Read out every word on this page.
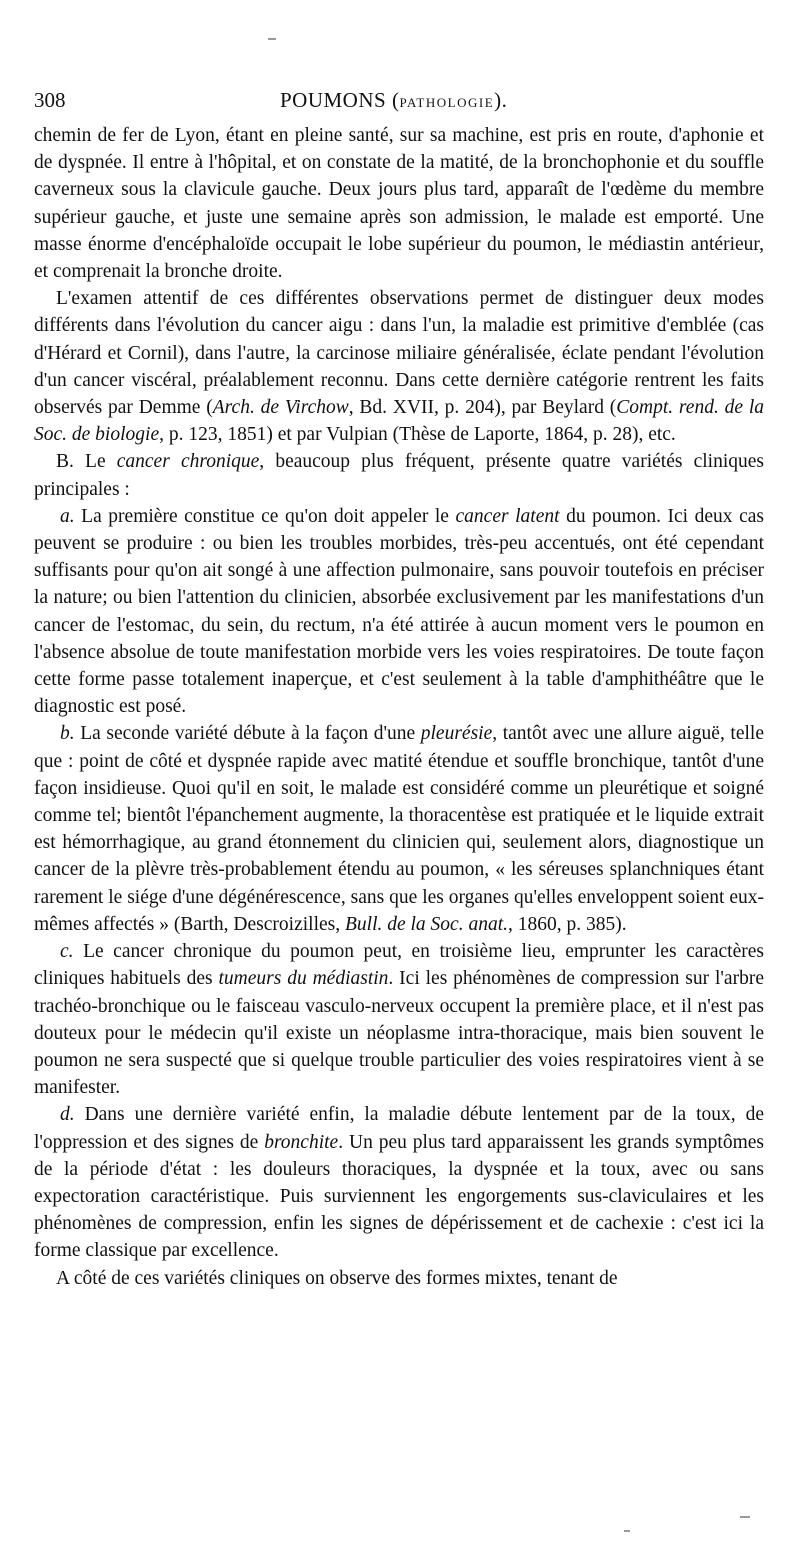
308	POUMONS (PATHOLOGIE).

chemin de fer de Lyon, étant en pleine santé, sur sa machine, est pris en route, d'aphonie et de dyspnée. Il entre à l'hôpital, et on constate de la matité, de la bronchophonie et du souffle caverneux sous la clavicule gauche. Deux jours plus tard, apparaît de l'œdème du membre supérieur gauche, et juste une semaine après son admission, le malade est emporté. Une masse énorme d'encéphaloïde occupait le lobe supérieur du poumon, le médiastin antérieur, et comprenait la bronche droite.

L'examen attentif de ces différentes observations permet de distinguer deux modes différents dans l'évolution du cancer aigu : dans l'un, la maladie est primitive d'emblée (cas d'Hérard et Cornil), dans l'autre, la carcinose miliaire généralisée, éclate pendant l'évolution d'un cancer viscéral, préalablement reconnu. Dans cette dernière catégorie rentrent les faits observés par Demme (Arch. de Virchow, Bd. XVII, p. 204), par Beylard (Compt. rend. de la Soc. de biologie, p. 123, 1851) et par Vulpian (Thèse de Laporte, 1864, p. 28), etc.

B. Le cancer chronique, beaucoup plus fréquent, présente quatre variétés cliniques principales :

a. La première constitue ce qu'on doit appeler le cancer latent du poumon. Ici deux cas peuvent se produire : ou bien les troubles morbides, très-peu accentués, ont été cependant suffisants pour qu'on ait songé à une affection pulmonaire, sans pouvoir toutefois en préciser la nature; ou bien l'attention du clinicien, absorbée exclusivement par les manifestations d'un cancer de l'estomac, du sein, du rectum, n'a été attirée à aucun moment vers le poumon en l'absence absolue de toute manifestation morbide vers les voies respiratoires. De toute façon cette forme passe totalement inaperçue, et c'est seulement à la table d'amphithéâtre que le diagnostic est posé.

b. La seconde variété débute à la façon d'une pleurésie, tantôt avec une allure aiguë, telle que : point de côté et dyspnée rapide avec matité étendue et souffle bronchique, tantôt d'une façon insidieuse. Quoi qu'il en soit, le malade est considéré comme un pleurétique et soigné comme tel; bientôt l'épanchement augmente, la thoracentèse est pratiquée et le liquide extrait est hémorrhagique, au grand étonnement du clinicien qui, seulement alors, diagnostique un cancer de la plèvre très-probablement étendu au poumon, « les séreuses splanchniques étant rarement le siége d'une dégénérescence, sans que les organes qu'elles enveloppent soient eux-mêmes affectés » (Barth, Descroizilles, Bull. de la Soc. anat., 1860, p. 385).

c. Le cancer chronique du poumon peut, en troisième lieu, emprunter les caractères cliniques habituels des tumeurs du médiastin. Ici les phénomènes de compression sur l'arbre trachéo-bronchique ou le faisceau vasculo-nerveux occupent la première place, et il n'est pas douteux pour le médecin qu'il existe un néoplasme intra-thoracique, mais bien souvent le poumon ne sera suspecté que si quelque trouble particulier des voies respiratoires vient à se manifester.

d. Dans une dernière variété enfin, la maladie débute lentement par de la toux, de l'oppression et des signes de bronchite. Un peu plus tard apparaissent les grands symptômes de la période d'état : les douleurs thoraciques, la dyspnée et la toux, avec ou sans expectoration caractéristique. Puis surviennent les engorgements sus-claviculaires et les phénomènes de compression, enfin les signes de dépérissement et de cachexie : c'est ici la forme classique par excellence.

A côté de ces variétés cliniques on observe des formes mixtes, tenant de
